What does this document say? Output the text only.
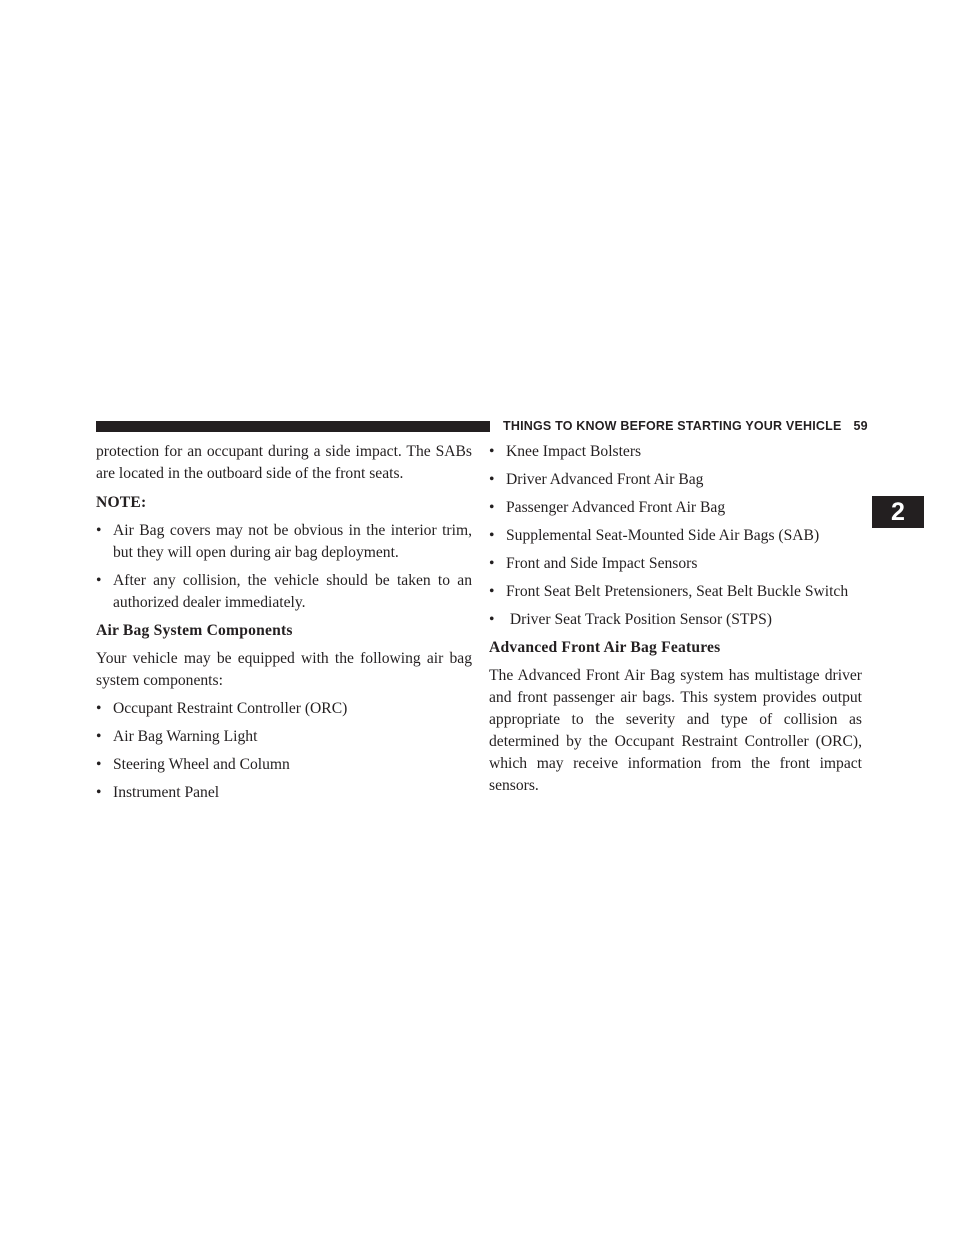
THINGS TO KNOW BEFORE STARTING YOUR VEHICLE 59
2

protection for an occupant during a side impact. The SABs are located in the outboard side of the front seats.

NOTE:

• Air Bag covers may not be obvious in the interior trim, but they will open during air bag deployment.
• After any collision, the vehicle should be taken to an authorized dealer immediately.

Air Bag System Components

Your vehicle may be equipped with the following air bag system components:

• Occupant Restraint Controller (ORC)
• Air Bag Warning Light
• Steering Wheel and Column
• Instrument Panel
• Knee Impact Bolsters
• Driver Advanced Front Air Bag
• Passenger Advanced Front Air Bag
• Supplemental Seat-Mounted Side Air Bags (SAB)
• Front and Side Impact Sensors
• Front Seat Belt Pretensioners, Seat Belt Buckle Switch
• Driver Seat Track Position Sensor (STPS)

Advanced Front Air Bag Features

The Advanced Front Air Bag system has multistage driver and front passenger air bags. This system provides output appropriate to the severity and type of collision as determined by the Occupant Restraint Controller (ORC), which may receive information from the front impact sensors.
